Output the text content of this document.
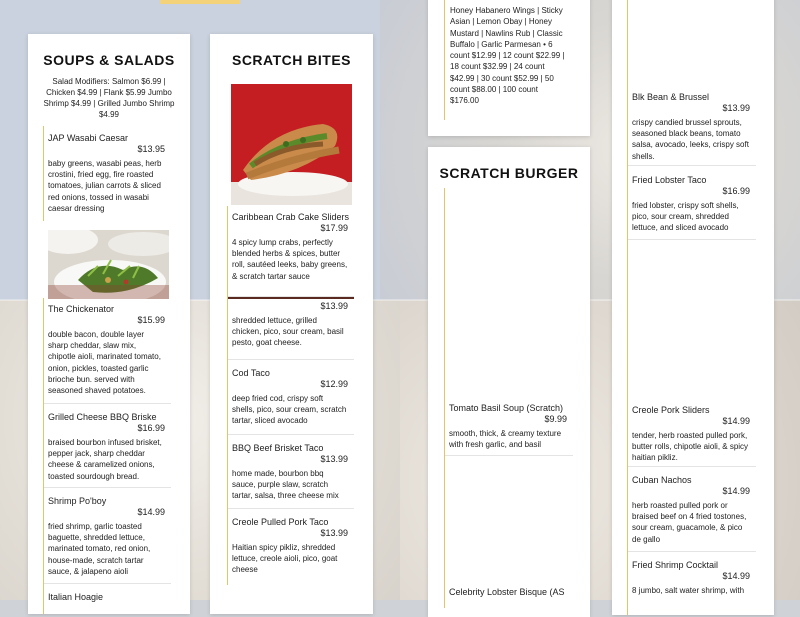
SOUPS & SALADS
Salad Modifiers: Salmon $6.99 | Chicken $4.99 | Flank $5.99 Jumbo Shrimp $4.99 | Grilled Jumbo Shrimp $4.99
JAP Wasabi Caesar
$13.95
baby greens, wasabi peas, herb crostini, fried egg, fire roasted tomatoes, julian carrots & sliced red onions, tossed in wasabi caesar dressing
The Chickenator
$15.99
double bacon, double layer sharp cheddar, slaw mix, chipotle aioli, marinated tomato, onion, pickles, toasted garlic brioche bun. served with seasoned shaved potatoes.
Grilled Cheese BBQ Briske
$16.99
braised bourbon infused brisket, pepper jack, sharp cheddar cheese & caramelized onions, toasted sourdough bread.
Shrimp Po'boy
$14.99
fried shrimp, garlic toasted baguette, shredded lettuce, marinated tomato, red onion, house-made, scratch tartar sauce, & jalapeno aioli
Italian Hoagie
SCRATCH BITES
Caribbean Crab Cake Sliders
$17.99
4 spicy lump crabs, perfectly blended herbs & spices, butter roll, sautéed leeks, baby greens, & scratch tartar sauce
$13.99
shredded lettuce, grilled chicken, pico, sour cream, basil pesto, goat cheese.
Cod Taco
$12.99
deep fried cod, crispy soft shells, pico, sour cream, scratch tartar, sliced avocado
BBQ Beef Brisket Taco
$13.99
home made, bourbon bbq sauce, purple slaw, scratch tartar, salsa, three cheese mix
Creole Pulled Pork Taco
$13.99
Haitian spicy pikliz, shredded lettuce, creole aioli, pico, goat cheese
Honey Habanero Wings | Sticky Asian | Lemon Obay | Honey Mustard | Nawlins Rub | Classic Buffalo | Garlic Parmesan • 6 count $12.99 | 12 count $22.99 | 18 count $32.99 | 24 count $42.99 | 30 count $52.99 | 50 count $88.00 | 100 count $176.00
SCRATCH BURGER
Tomato Basil Soup (Scratch)
$9.99
smooth, thick, & creamy texture with fresh garlic, and basil
Celebrity Lobster Bisque (AS
Blk Bean & Brussel
$13.99
crispy candied brussel sprouts, seasoned black beans, tomato salsa, avocado, leeks, crispy soft shells.
Fried Lobster Taco
$16.99
fried lobster, crispy soft shells, pico, sour cream, shredded lettuce, and sliced avocado
Creole Pork Sliders
$14.99
tender, herb roasted pulled pork, butter rolls, chipotle aioli, & spicy haitian pikliz.
Cuban Nachos
$14.99
herb roasted pulled pork or braised beef on 4 fried tostones, sour cream, guacamole, & pico de gallo
Fried Shrimp Cocktail
$14.99
8 jumbo, salt water shrimp, with
